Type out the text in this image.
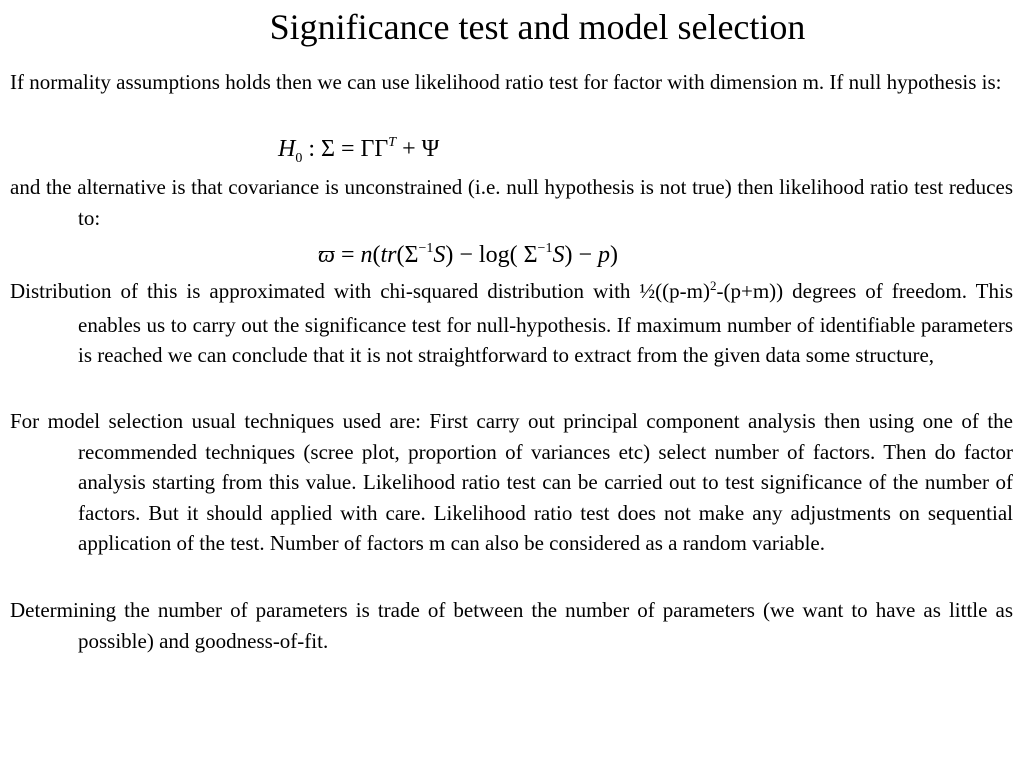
Significance test and model selection

If normality assumptions holds then we can use likelihood ratio test for factor with dimension m. If null hypothesis is:

$H_0$ : $\Sigma = \Gamma\Gamma^T + \Psi$

and the alternative is that covariance is unconstrained (i.e. null hypothesis is not true) then likelihood ratio test reduces to:

$ϖ = n(tr(\Sigma^{-1}S) - \log$( $\Sigma^{-1}S) - p$)

Distribution of this is approximated with chi-squared distribution with $\frac{1}{2}((p-m)^2-(p+m))$ degrees of freedom. This enables us to carry out the significance test for null-hypothesis. If maximum number of identifiable parameters is reached we can conclude that it is not straightforward to extract from the given data some structure,

For model selection usual techniques used are: First carry out principal component analysis then using one of the recommended techniques (scree plot, proportion of variances etc) select number of factors. Then do factor analysis starting from this value. Likelihood ratio test can be carried out to test significance of the number of factors. But it should applied with care. Likelihood ratio test does not make any adjustments on sequential application of the test. Number of factors m can also be considered as a random variable.

Determining the number of parameters is trade of between the number of parameters (we want to have as little as possible) and goodness-of-fit.
